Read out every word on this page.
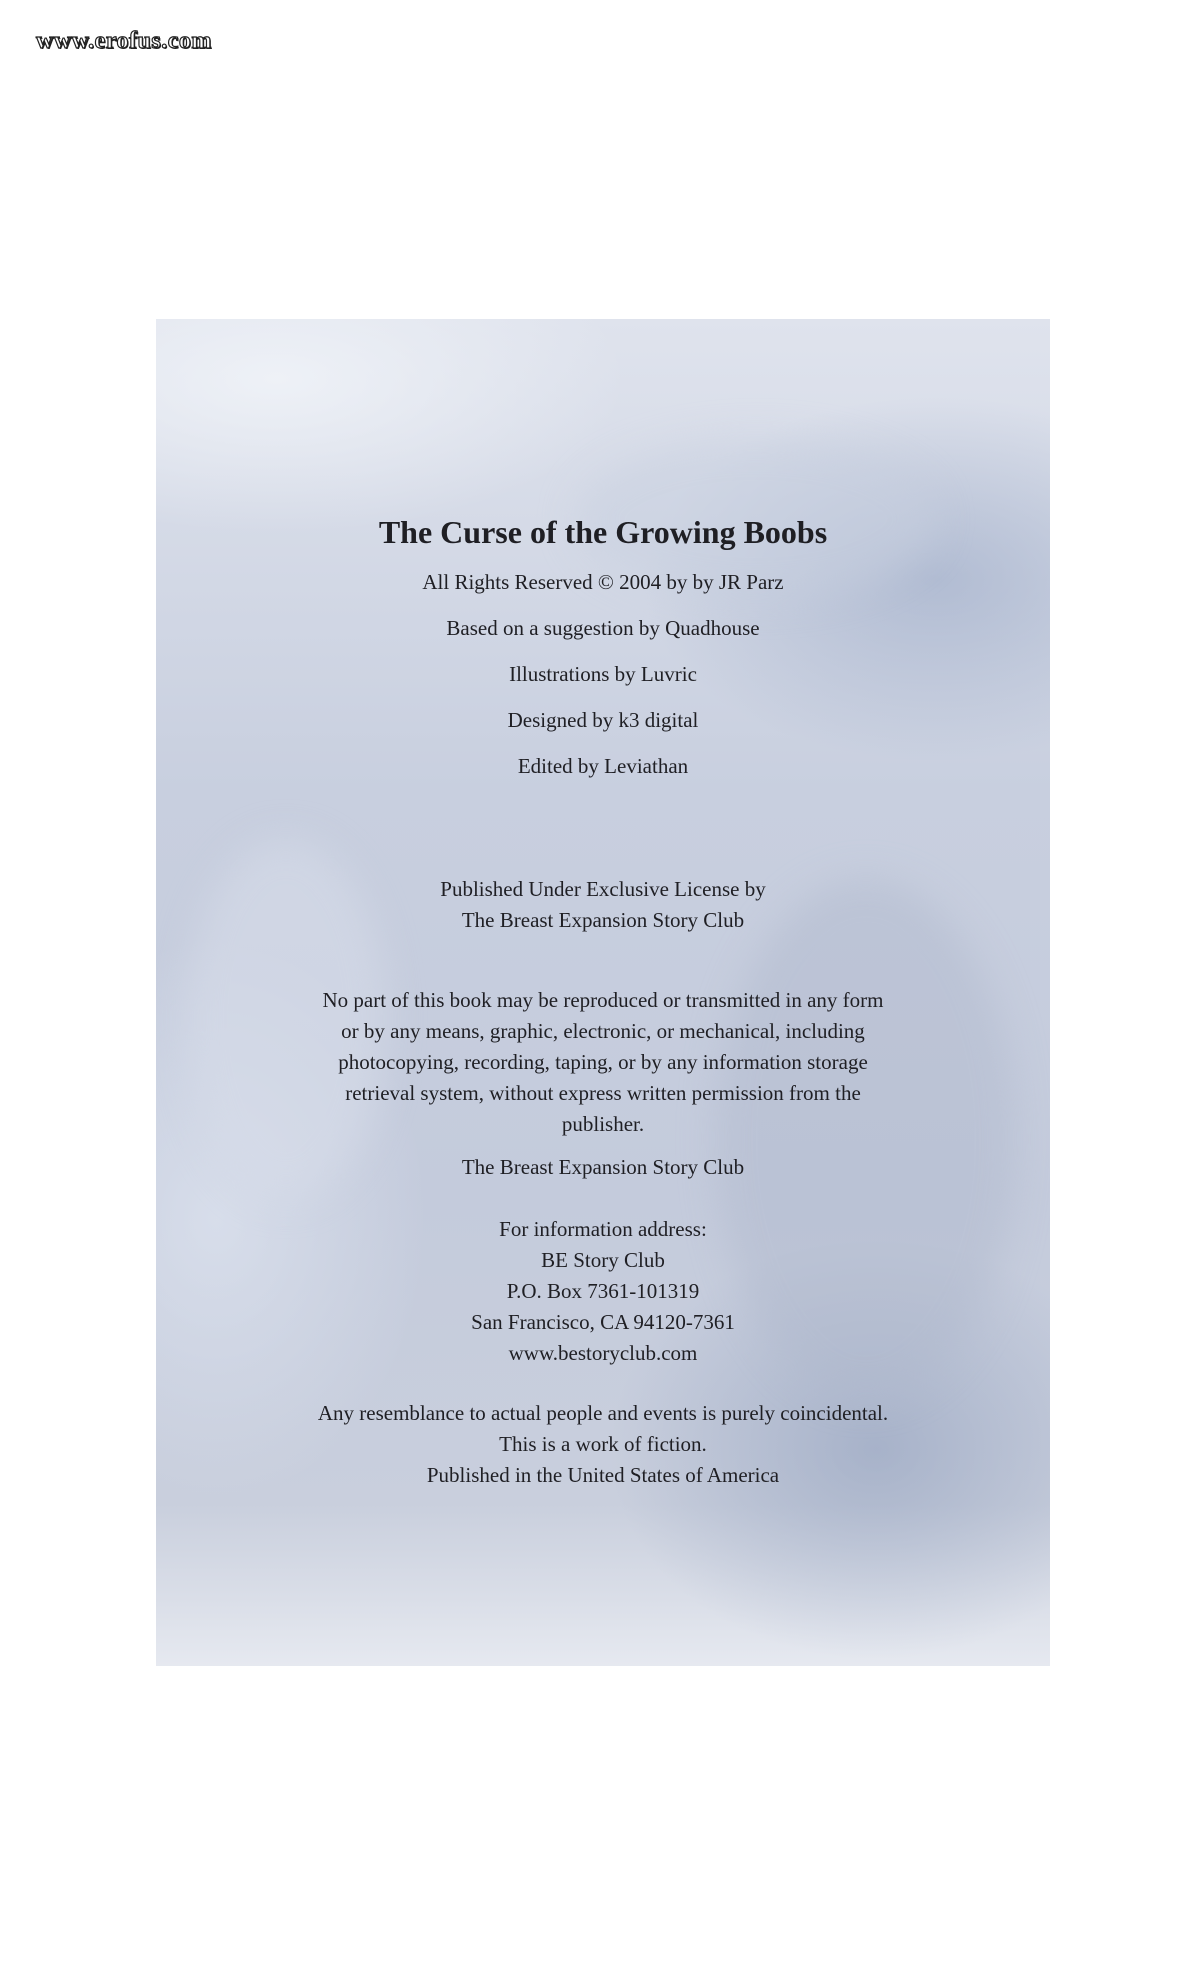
www.erofus.com
The Curse of the Growing Boobs

All Rights Reserved © 2004 by by JR Parz

Based on a suggestion by Quadhouse

Illustrations by Luvric

Designed by k3 digital

Edited by Leviathan

Published Under Exclusive License by
The Breast Expansion Story Club
No part of this book may be reproduced or transmitted in any form
or by any means, graphic, electronic, or mechanical, including
photocopying, recording, taping, or by any information storage
retrieval system, without express written permission from the
publisher.

The Breast Expansion Story Club

For information address:
BE Story Club
P.O. Box 7361-101319
San Francisco, CA 94120-7361
www.bestoryclub.com
Any resemblance to actual people and events is purely coincidental.
This is a work of fiction.
Published in the United States of America
